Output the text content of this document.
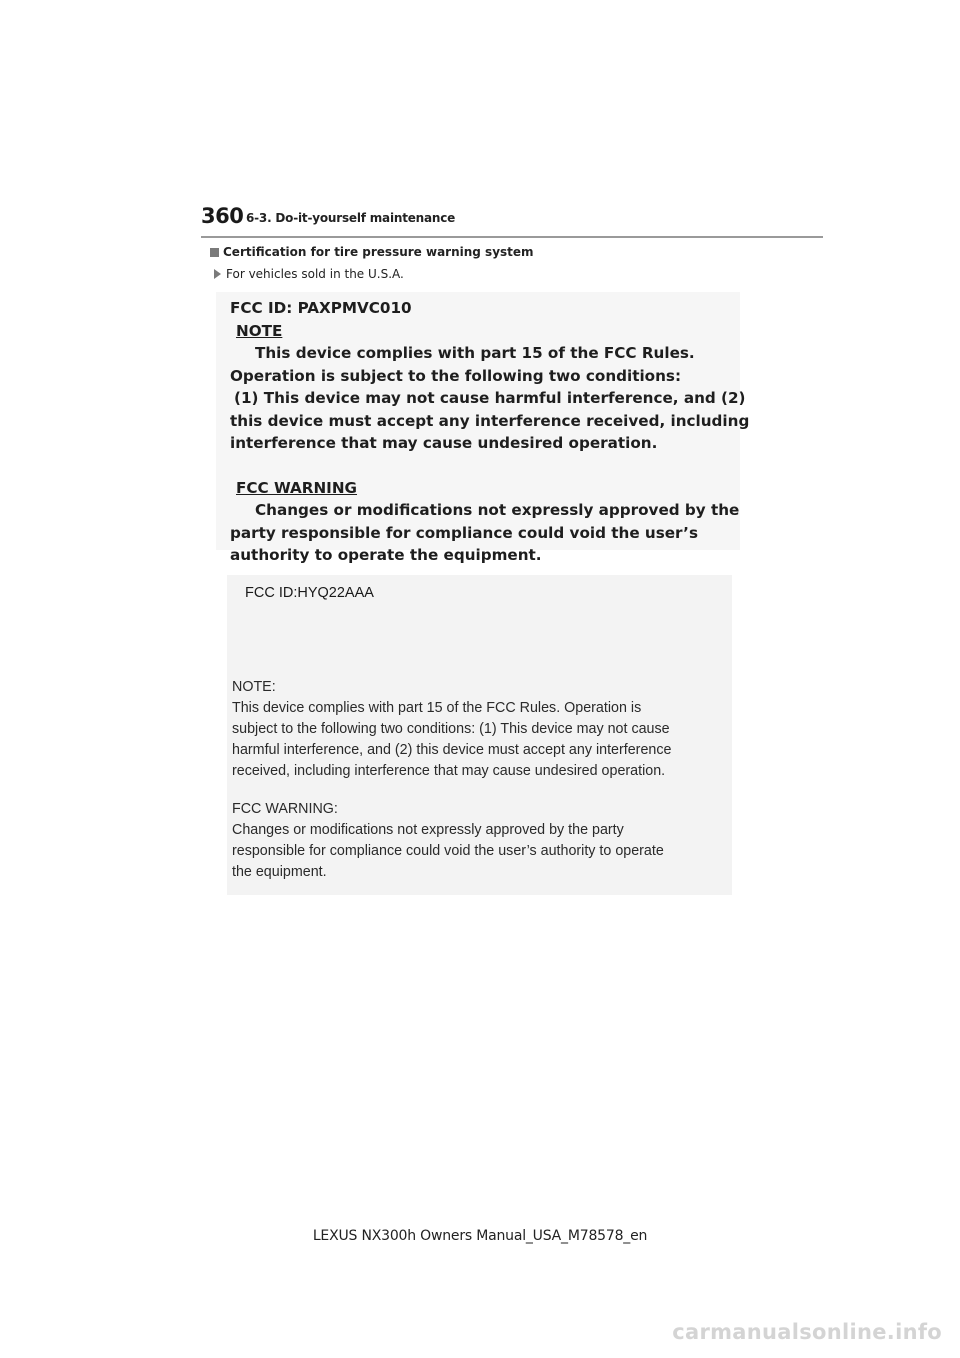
360 6-3. Do-it-yourself maintenance
Certification for tire pressure warning system
For vehicles sold in the U.S.A.
FCC ID: PAXPMVC010
NOTE
This device complies with part 15 of the FCC Rules.
Operation is subject to the following two conditions:
(1) This device may not cause harmful interference, and (2)
this device must accept any interference received, including
interference that may cause undesired operation.
FCC WARNING
Changes or modifications not expressly approved by the
party responsible for compliance could void the user’s
authority to operate the equipment.
FCC ID:HYQ22AAA
NOTE:
This device complies with part 15 of the FCC Rules. Operation is
subject to the following two conditions: (1) This device may not cause
harmful interference, and (2) this device must accept any interference
received, including interference that may cause undesired operation.
FCC WARNING:
Changes or modifications not expressly approved by the party
responsible for compliance could void the user’s authority to operate
the equipment.
LEXUS NX300h Owners Manual_USA_M78578_en
carmanualsonline.info
